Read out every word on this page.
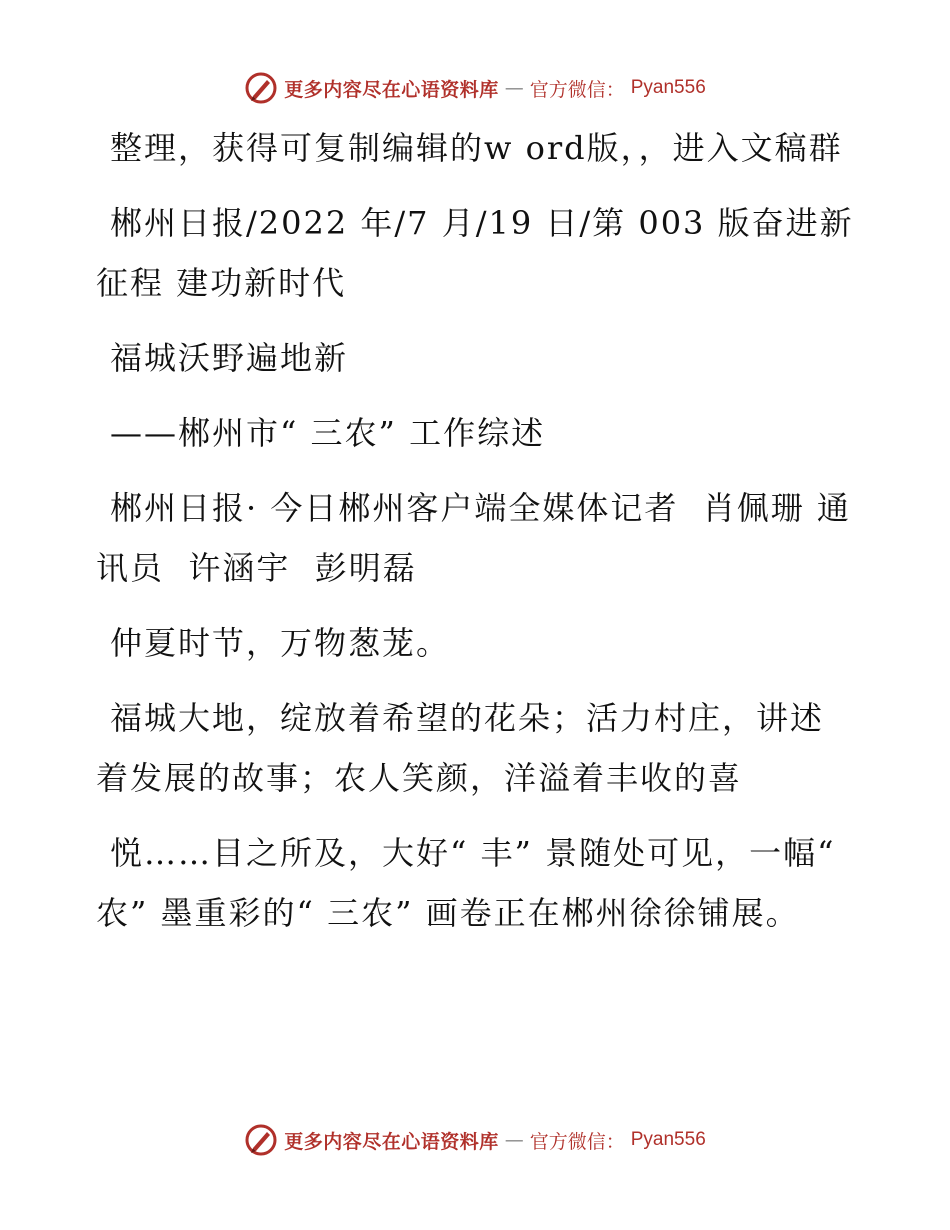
更多内容尽在心语资料库 — 官方微信： Pyan556

整理，获得可复制编辑的w ord版，，进入文稿群

郴州日报/2022 年/7 月/19 日/第 003 版奋进新征程 建功新时代

福城沃野遍地新

——郴州市“ 三农” 工作综述

郴州日报· 今日郴州客户端全媒体记者  肖佩珊 通讯员  许涵宇  彭明磊

仲夏时节，万物葱茏。

福城大地，绽放着希望的花朵；活力村庄，讲述着发展的故事；农人笑颜，洋溢着丰收的喜

悦……目之所及，大好“ 丰” 景随处可见，一幅“ 农” 墨重彩的“ 三农” 画卷正在郴州徐徐铺展。

更多内容尽在心语资料库 — 官方微信： Pyan556
